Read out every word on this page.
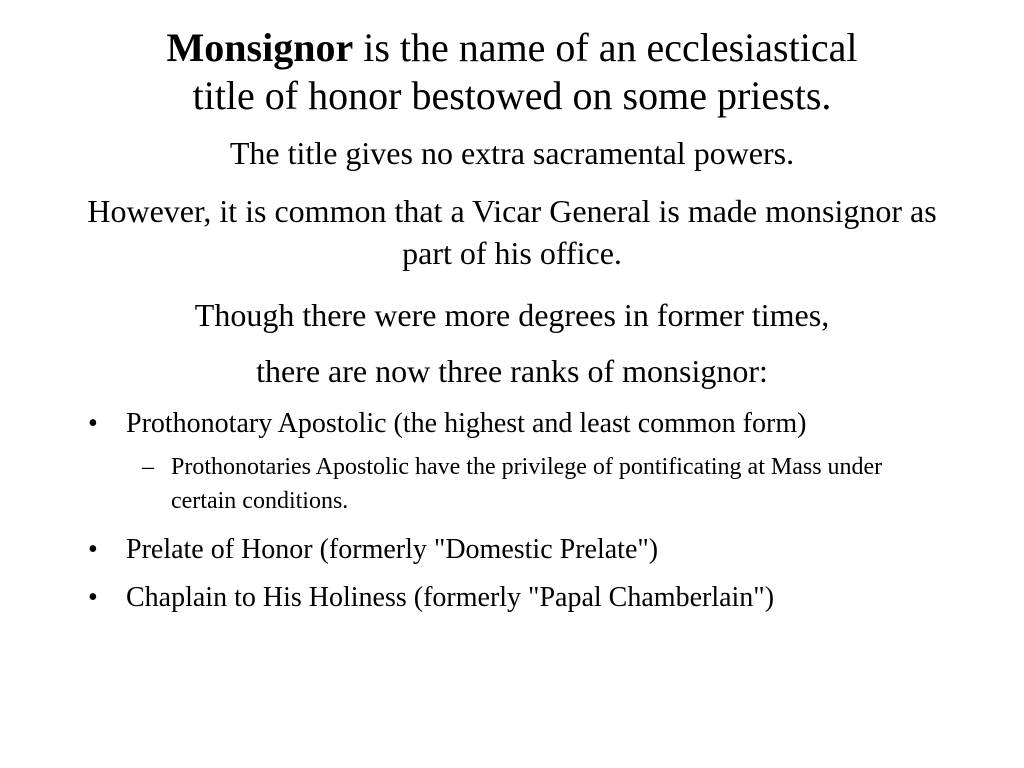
Monsignor is the name of an ecclesiastical
title of honor bestowed on some priests.

The title gives no extra sacramental powers.

However, it is common that a Vicar General is made monsignor as part of his office.

Though there were more degrees in former times,

there are now three ranks of monsignor:

• Prothonotary Apostolic (the highest and least common form)
– Prothonotaries Apostolic have the privilege of pontificating at Mass under certain conditions.
• Prelate of Honor (formerly "Domestic Prelate")
• Chaplain to His Holiness (formerly "Papal Chamberlain")
